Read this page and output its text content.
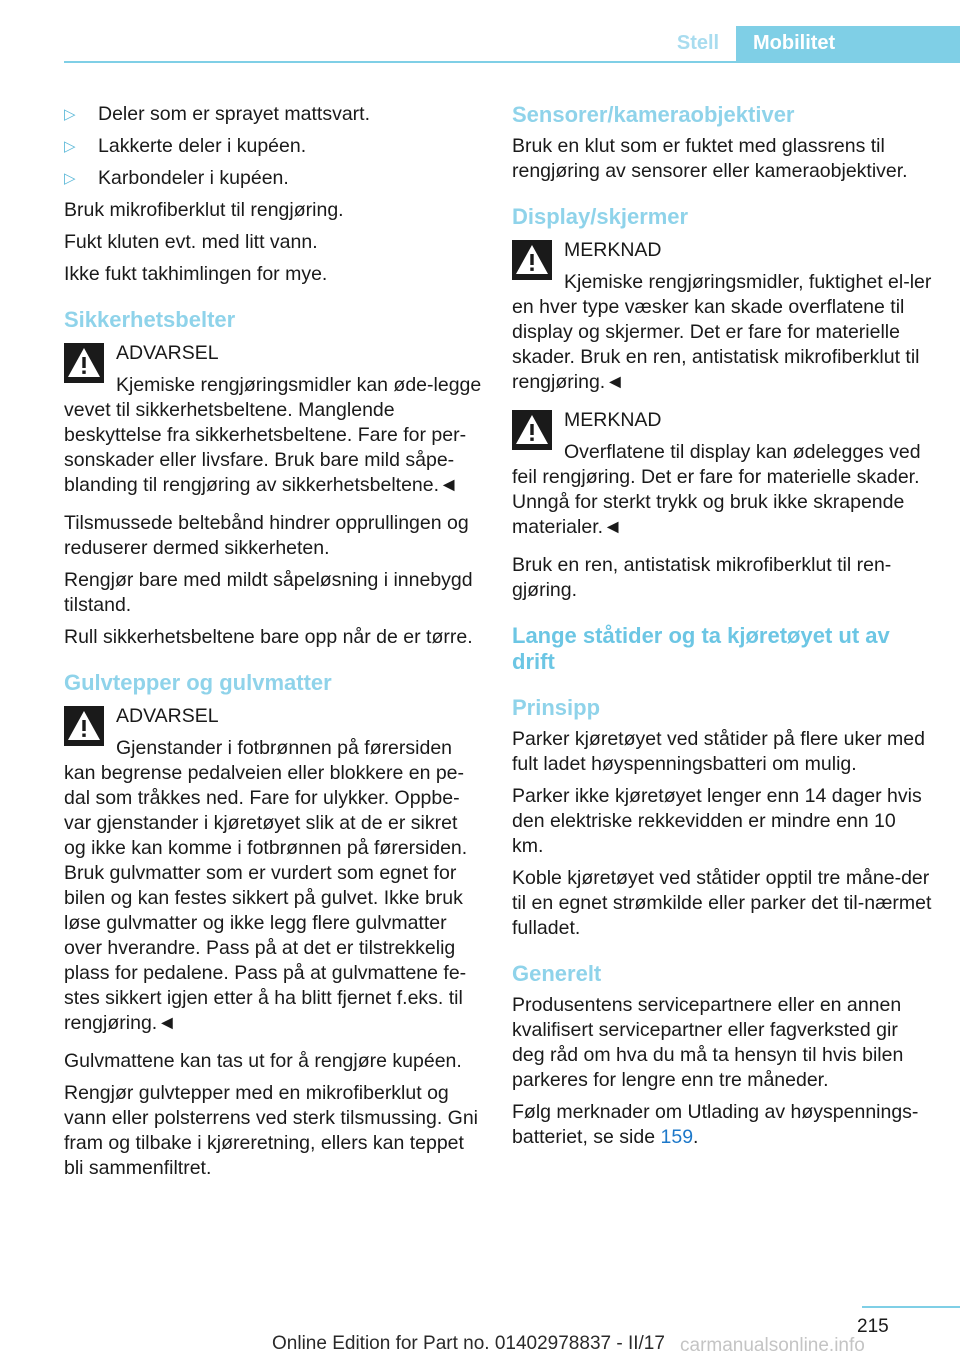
Stell	Mobilitet
▷ Deler som er sprayet mattsvart.
▷ Lakkerte deler i kupéen.
▷ Karbondeler i kupéen.

Bruk mikrofiberklut til rengjøring.

Fukt kluten evt. med litt vann.

Ikke fukt takhimlingen for mye.

Sikkerhetsbelter
ADVARSEL
Kjemiske rengjøringsmidler kan øde-legge vevet til sikkerhetsbeltene. Manglende beskyttelse fra sikkerhetsbeltene. Fare for per-sonskader eller livsfare. Bruk bare mild såpe-blanding til rengjøring av sikkerhetsbeltene.◄

Tilsmussede beltebånd hindrer opprullingen og reduserer dermed sikkerheten.

Rengjør bare med mildt såpeløsning i innebygd tilstand.

Rull sikkerhetsbeltene bare opp når de er tørre.

Gulvtepper og gulvmatter
ADVARSEL
Gjenstander i fotbrønnen på førersiden kan begrense pedalveien eller blokkere en pe-dal som tråkkes ned. Fare for ulykker. Oppbe-var gjenstander i kjøretøyet slik at de er sikret og ikke kan komme i fotbrønnen på førersiden. Bruk gulvmatter som er vurdert som egnet for bilen og kan festes sikkert på gulvet. Ikke bruk løse gulvmatter og ikke legg flere gulvmatter over hverandre. Pass på at det er tilstrekkelig plass for pedalene. Pass på at gulvmattene fe-stes sikkert igjen etter å ha blitt fjernet f.eks. til rengjøring.◄

Gulvmattene kan tas ut for å rengjøre kupéen.

Rengjør gulvtepper med en mikrofiberklut og vann eller polsterrens ved sterk tilsmussing. Gni fram og tilbake i kjøreretning, ellers kan teppet bli sammenfiltret.

Sensorer/kameraobjektiver

Bruk en klut som er fuktet med glassrens til rengjøring av sensorer eller kameraobjektiver.

Display/skjermer
MERKNAD
Kjemiske rengjøringsmidler, fuktighet el-ler en hver type væsker kan skade overflatene til display og skjermer. Det er fare for materielle skader. Bruk en ren, antistatisk mikrofiberklut til rengjøring.◄
MERKNAD
Overflatene til display kan ødelegges ved feil rengjøring. Det er fare for materielle skader. Unngå for sterkt trykk og bruk ikke skrapende materialer.◄

Bruk en ren, antistatisk mikrofiberklut til ren-gjøring.

Lange ståtider og ta kjøretøyet ut av drift
Prinsipp

Parker kjøretøyet ved ståtider på flere uker med fult ladet høyspenningsbatteri om mulig.

Parker ikke kjøretøyet lenger enn 14 dager hvis den elektriske rekkevidden er mindre enn 10 km.

Koble kjøretøyet ved ståtider opptil tre måne-der til en egnet strømkilde eller parker det til-nærmet fulladet.

Generelt

Produsentens servicepartnere eller en annen kvalifisert servicepartner eller fagverksted gir deg råd om hva du må ta hensyn til hvis bilen parkeres for lengre enn tre måneder.

Følg merknader om Utlading av høyspennings-batteriet, se side 159.

215
Online Edition for Part no. 01402978837 - II/17 carmanualsonline.info
